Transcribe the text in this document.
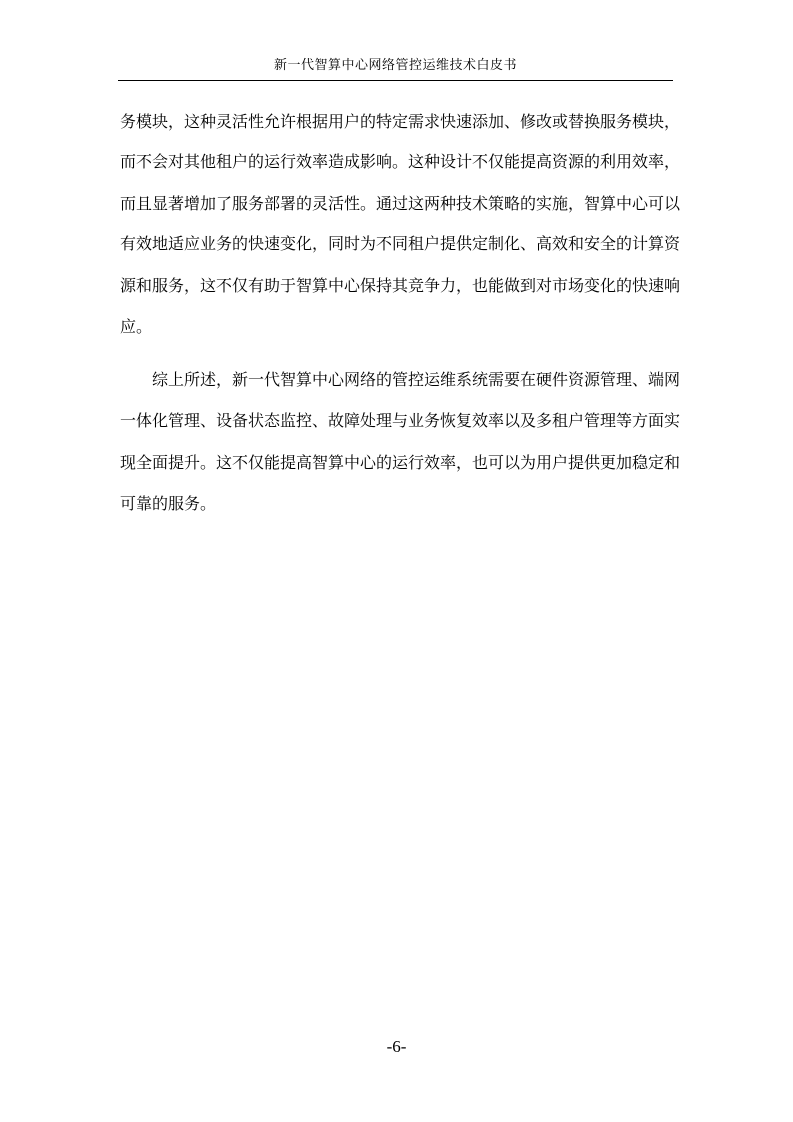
新一代智算中心网络管控运维技术白皮书
务模块，这种灵活性允许根据用户的特定需求快速添加、修改或替换服务模块，
而不会对其他租户的运行效率造成影响。这种设计不仅能提高资源的利用效率，
而且显著增加了服务部署的灵活性。通过这两种技术策略的实施，智算中心可以
有效地适应业务的快速变化，同时为不同租户提供定制化、高效和安全的计算资
源和服务，这不仅有助于智算中心保持其竞争力，也能做到对市场变化的快速响
应。
综上所述，新一代智算中心网络的管控运维系统需要在硬件资源管理、端网
一体化管理、设备状态监控、故障处理与业务恢复效率以及多租户管理等方面实
现全面提升。这不仅能提高智算中心的运行效率，也可以为用户提供更加稳定和
可靠的服务。
-6-
